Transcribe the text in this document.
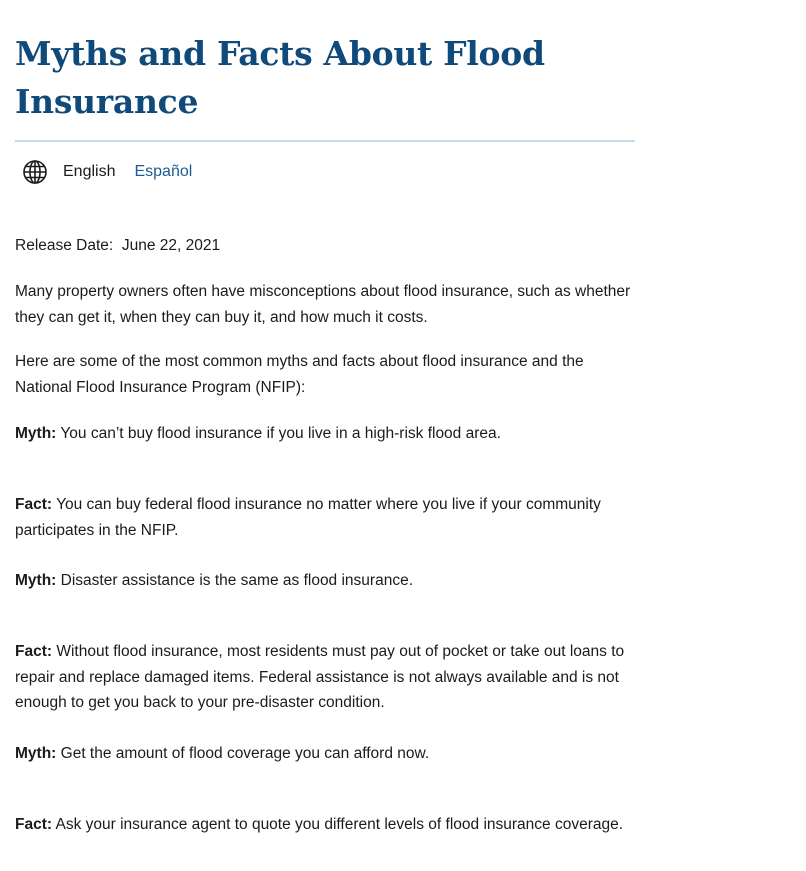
Myths and Facts About Flood Insurance
English Español

Release Date: June 22, 2021

Many property owners often have misconceptions about flood insurance, such as whether they can get it, when they can buy it, and how much it costs.

Here are some of the most common myths and facts about flood insurance and the National Flood Insurance Program (NFIP):

Myth: You can’t buy flood insurance if you live in a high-risk flood area.

Fact: You can buy federal flood insurance no matter where you live if your community participates in the NFIP.

Myth: Disaster assistance is the same as flood insurance.

Fact: Without flood insurance, most residents must pay out of pocket or take out loans to repair and replace damaged items. Federal assistance is not always available and is not enough to get you back to your pre-disaster condition.

Myth: Get the amount of flood coverage you can afford now.

Fact: Ask your insurance agent to quote you different levels of flood insurance coverage.
